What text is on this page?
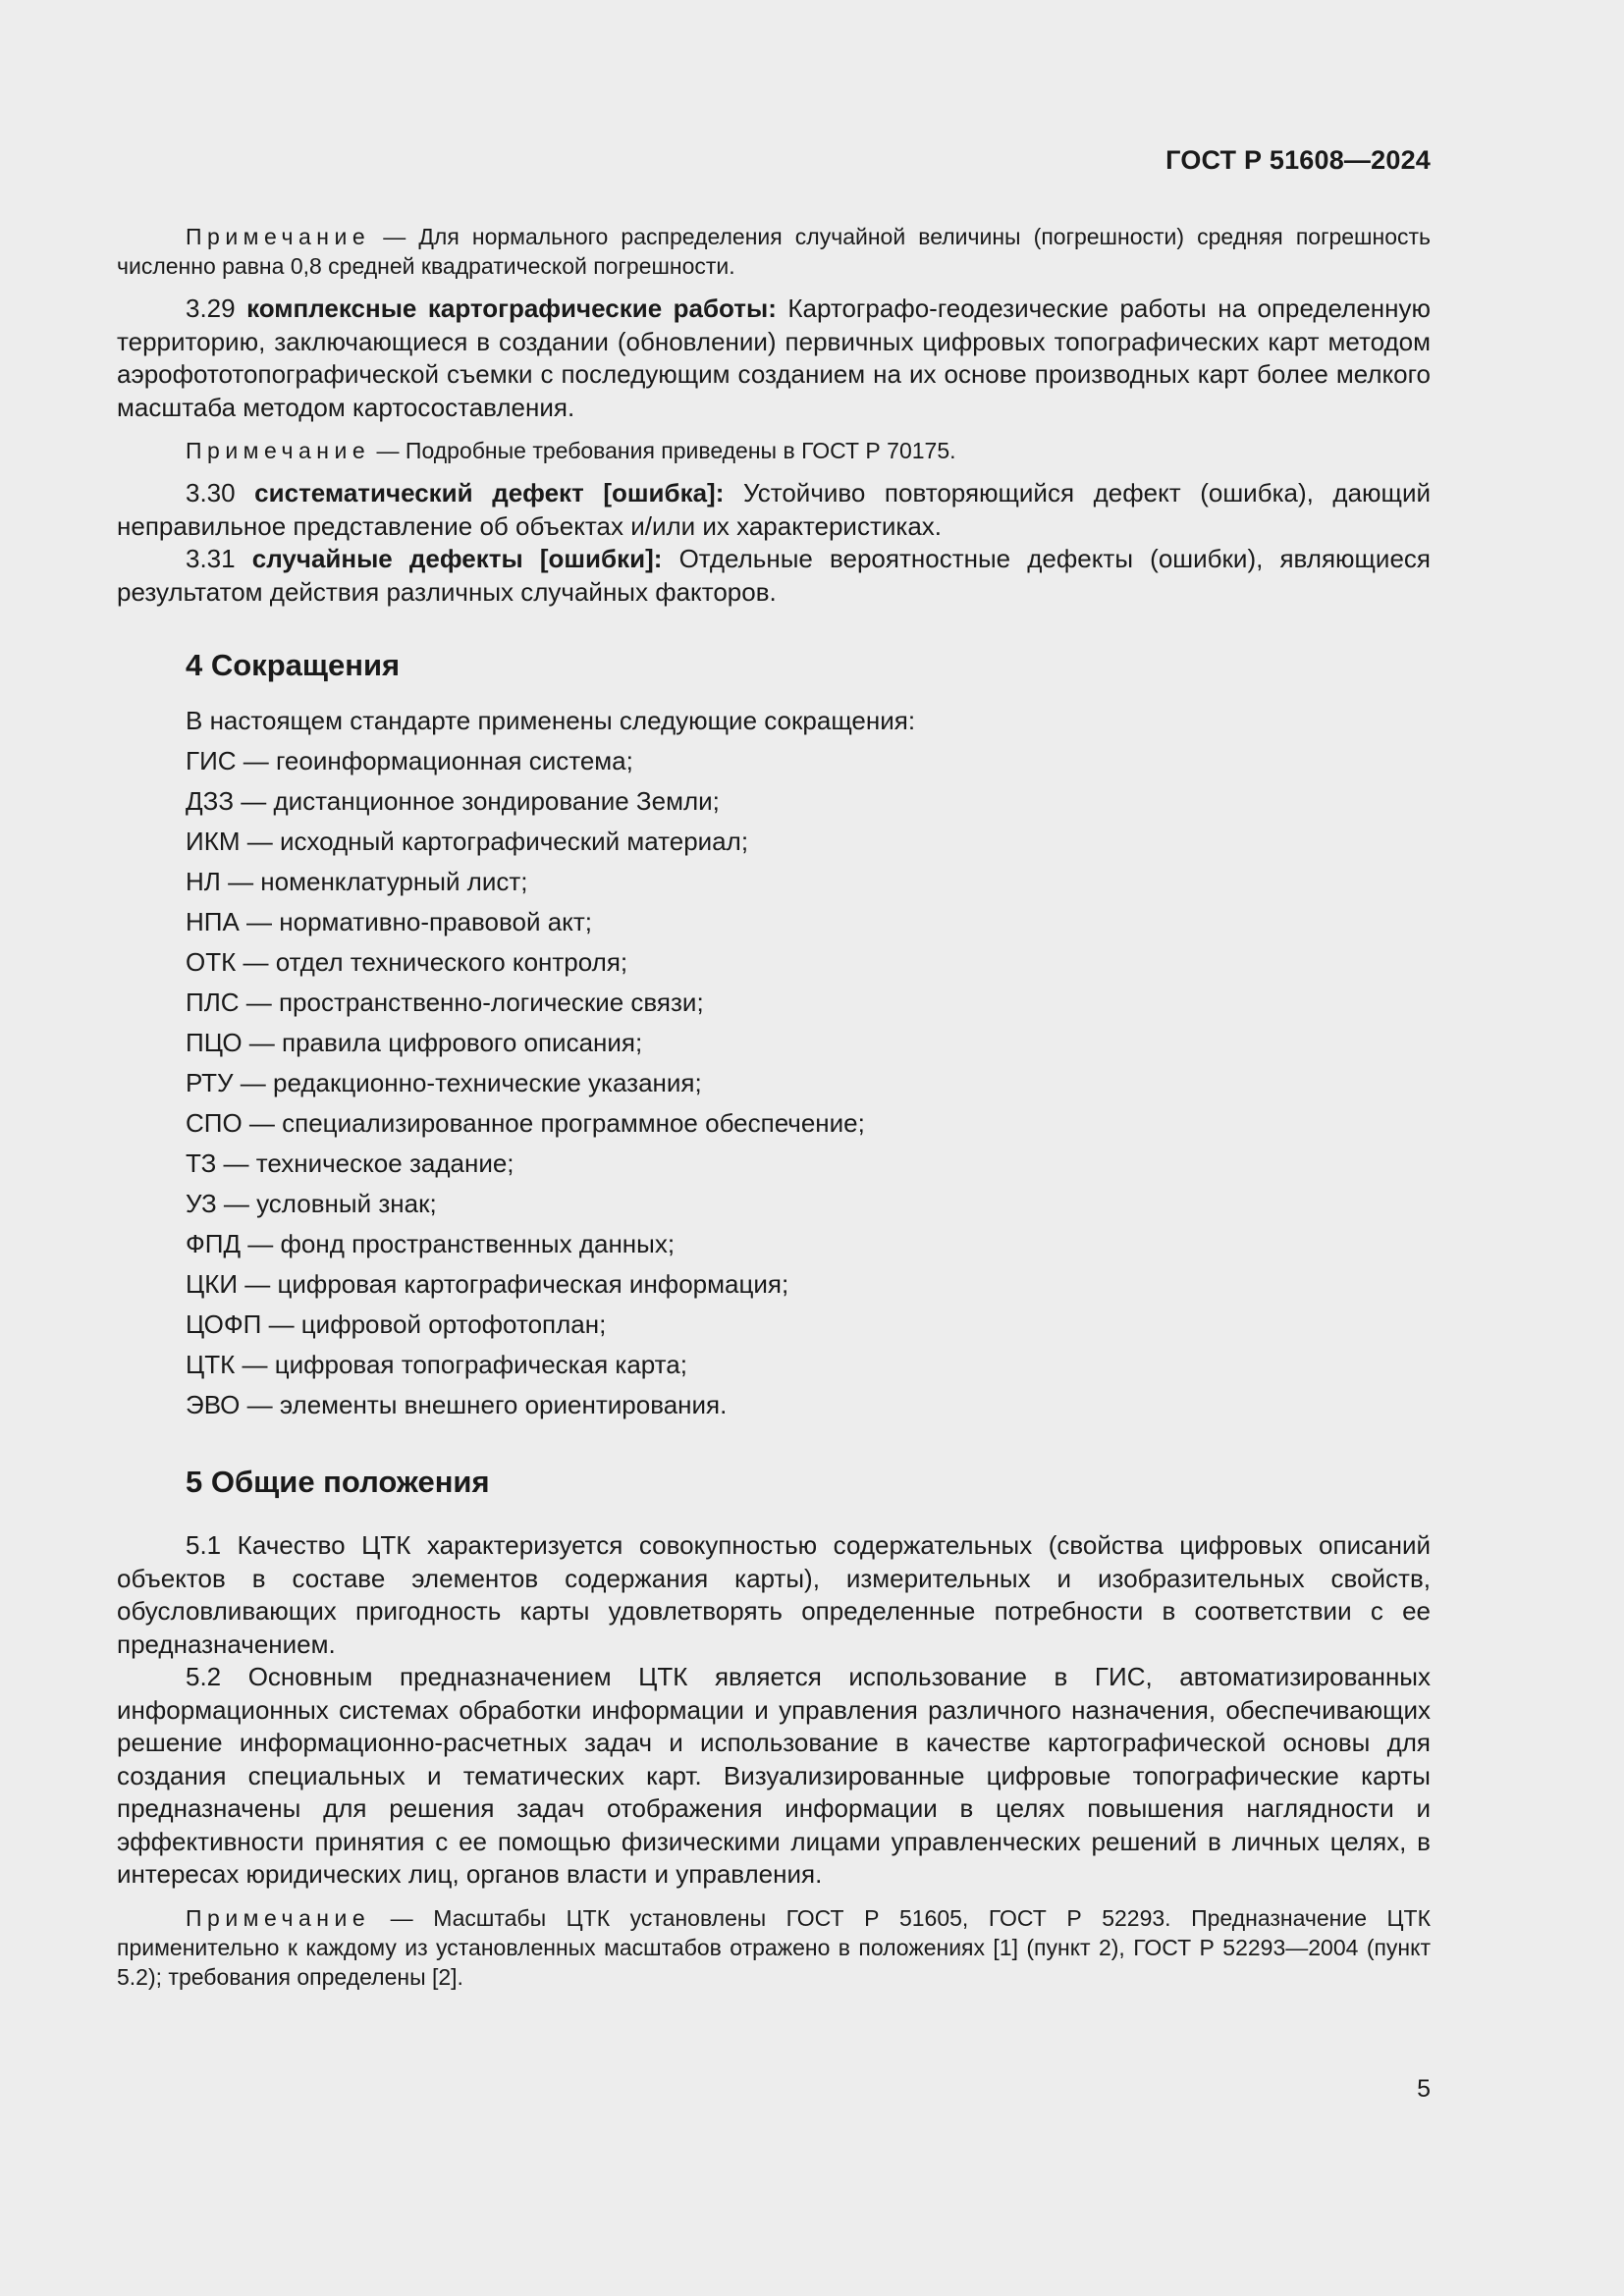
ГОСТ Р 51608—2024

Примечание — Для нормального распределения случайной величины (погрешности) средняя погрешность численно равна 0,8 средней квадратической погрешности.

3.29 комплексные картографические работы: Картографо-геодезические работы на определенную территорию, заключающиеся в создании (обновлении) первичных цифровых топографических карт методом аэрофототопографической съемки с последующим созданием на их основе производных карт более мелкого масштаба методом картосоставления.

Примечание — Подробные требования приведены в ГОСТ Р 70175.

3.30 систематический дефект [ошибка]: Устойчиво повторяющийся дефект (ошибка), дающий неправильное представление об объектах и/или их характеристиках.

3.31 случайные дефекты [ошибки]: Отдельные вероятностные дефекты (ошибки), являющиеся результатом действия различных случайных факторов.

4 Сокращения

В настоящем стандарте применены следующие сокращения:

ГИС — геоинформационная система;
ДЗЗ — дистанционное зондирование Земли;
ИКМ — исходный картографический материал;
НЛ — номенклатурный лист;
НПА — нормативно-правовой акт;
ОТК — отдел технического контроля;
ПЛС — пространственно-логические связи;
ПЦО — правила цифрового описания;
РТУ — редакционно-технические указания;
СПО — специализированное программное обеспечение;
ТЗ — техническое задание;
УЗ — условный знак;
ФПД — фонд пространственных данных;
ЦКИ — цифровая картографическая информация;
ЦОФП — цифровой ортофотоплан;
ЦТК — цифровая топографическая карта;
ЭВО — элементы внешнего ориентирования.
5 Общие положения

5.1 Качество ЦТК характеризуется совокупностью содержательных (свойства цифровых описаний объектов в составе элементов содержания карты), измерительных и изобразительных свойств, обусловливающих пригодность карты удовлетворять определенные потребности в соответствии с ее предназначением.

5.2 Основным предназначением ЦТК является использование в ГИС, автоматизированных информационных системах обработки информации и управления различного назначения, обеспечивающих решение информационно-расчетных задач и использование в качестве картографической основы для создания специальных и тематических карт. Визуализированные цифровые топографические карты предназначены для решения задач отображения информации в целях повышения наглядности и эффективности принятия с ее помощью физическими лицами управленческих решений в личных целях, в интересах юридических лиц, органов власти и управления.

Примечание — Масштабы ЦТК установлены ГОСТ Р 51605, ГОСТ Р 52293. Предназначение ЦТК применительно к каждому из установленных масштабов отражено в положениях [1] (пункт 2), ГОСТ Р 52293—2004 (пункт 5.2); требования определены [2].

5
